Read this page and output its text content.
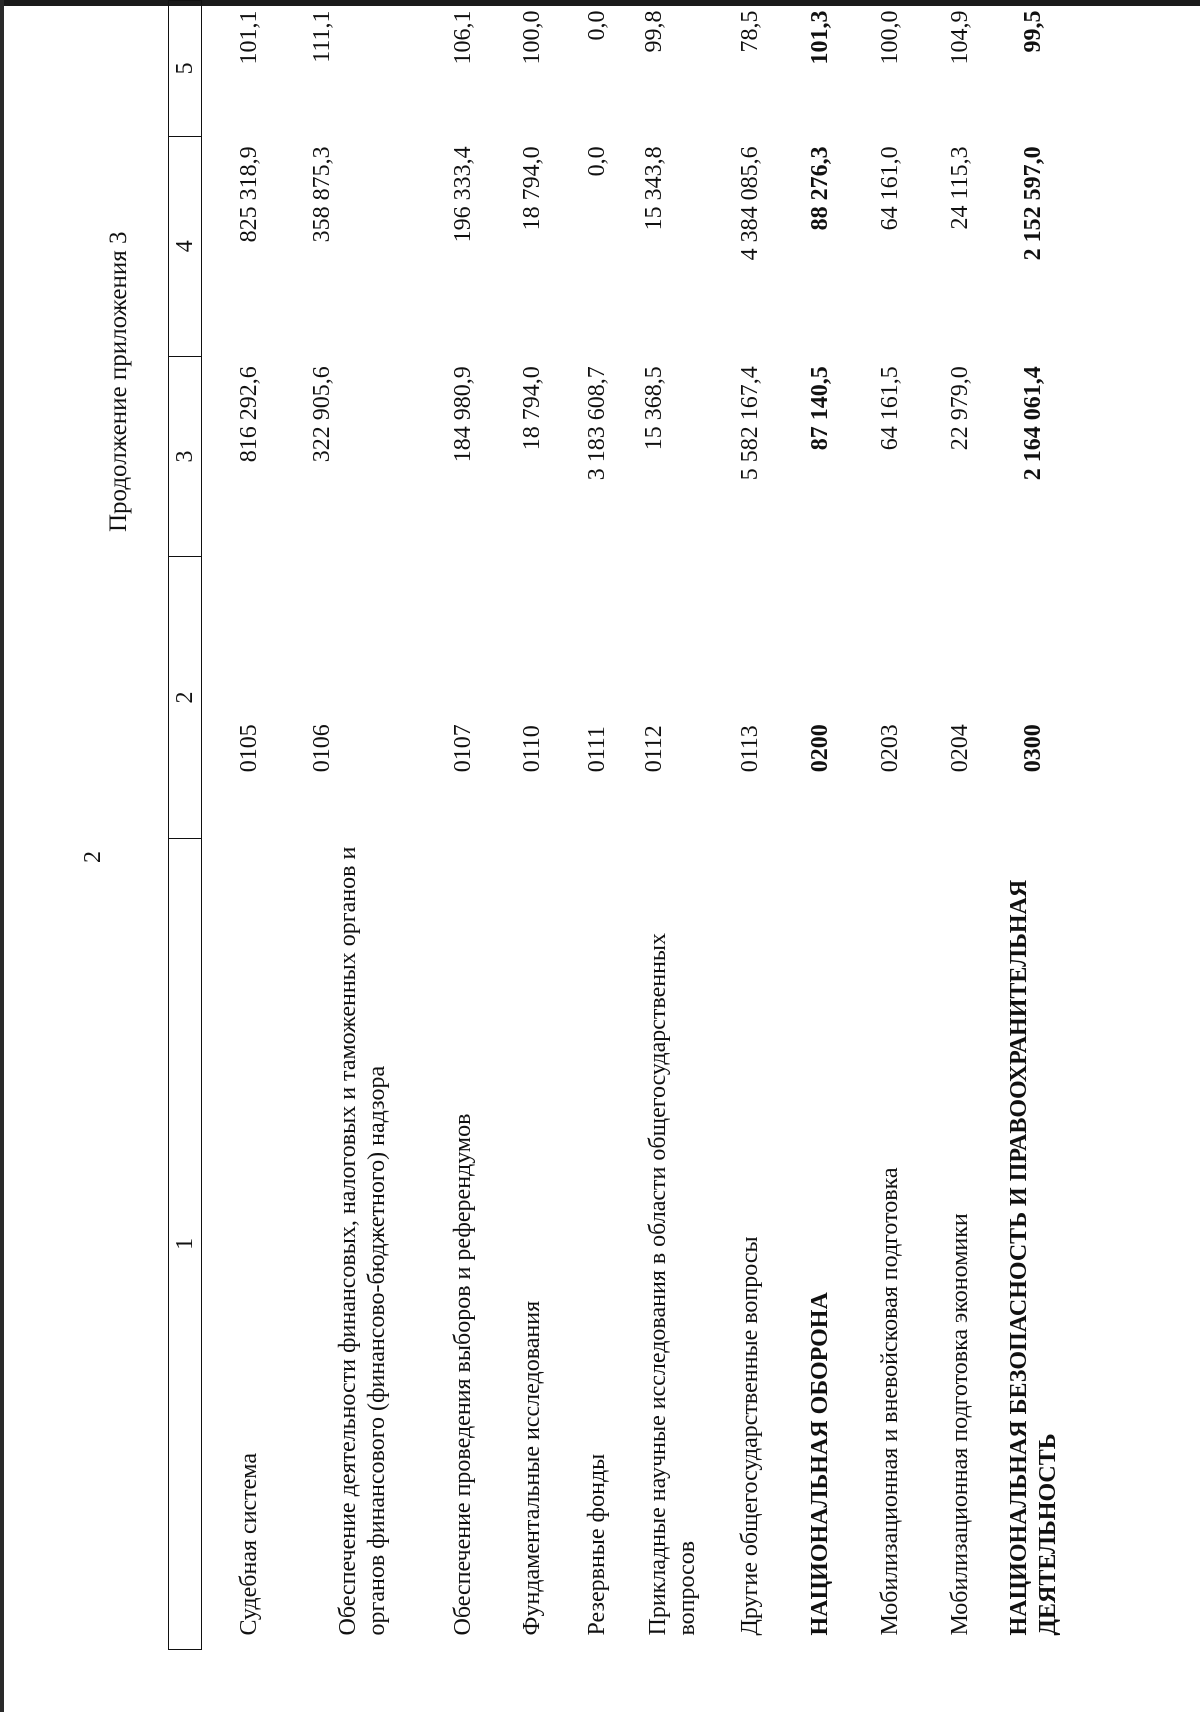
2
Продолжение приложения 3
1	2	3	4	5
Судебная система	0105	816 292,6	825 318,9	101,1
Обеспечение деятельности финансовых, налоговых и таможенных органов и органов финансового (финансово-бюджетного) надзора	0106	322 905,6	358 875,3	111,1
Обеспечение проведения выборов и референдумов	0107	184 980,9	196 333,4	106,1
Фундаментальные исследования	0110	18 794,0	18 794,0	100,0
Резервные фонды	0111	3 183 608,7	0,0	0,0
Прикладные научные исследования в области общегосударственных вопросов	0112	15 368,5	15 343,8	99,8
Другие общегосударственные вопросы	0113	5 582 167,4	4 384 085,6	78,5
НАЦИОНАЛЬНАЯ ОБОРОНА	0200	87 140,5	88 276,3	101,3
Мобилизационная и вневойсковая подготовка	0203	64 161,5	64 161,0	100,0
Мобилизационная подготовка экономики	0204	22 979,0	24 115,3	104,9
НАЦИОНАЛЬНАЯ БЕЗОПАСНОСТЬ И ПРАВООХРАНИТЕЛЬНАЯ ДЕЯТЕЛЬНОСТЬ	0300	2 164 061,4	2 152 597,0	99,5
